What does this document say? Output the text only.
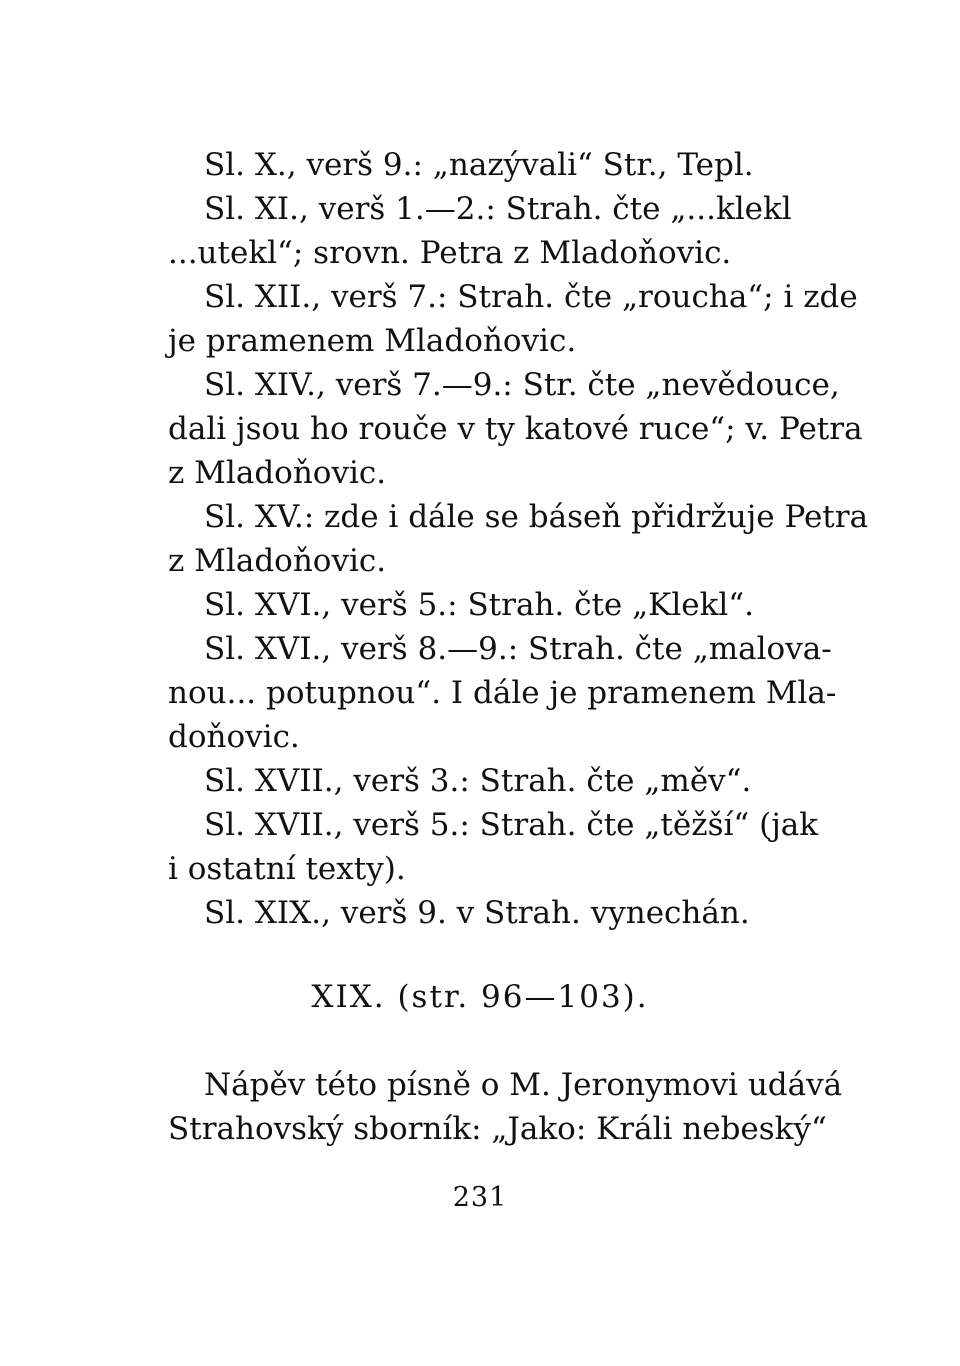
Sl. X., verš 9.: „nazývali“ Str., Tepl.
Sl. XI., verš 1.—2.: Strah. čte „...klekl
...utekl“; srovn. Petra z Mladoňovic.
Sl. XII., verš 7.: Strah. čte „roucha“; i zde
je pramenem Mladoňovic.
Sl. XIV., verš 7.—9.: Str. čte „nevědouce,
dali jsou ho rouče v ty katové ruce“; v. Petra
z Mladoňovic.
Sl. XV.: zde i dále se báseň přidržuje Petra
z Mladoňovic.
Sl. XVI., verš 5.: Strah. čte „Klekl“.
Sl. XVI., verš 8.—9.: Strah. čte „malova-
nou... potupnou“. I dále je pramenem Mla-
doňovic.
Sl. XVII., verš 3.: Strah. čte „měv“.
Sl. XVII., verš 5.: Strah. čte „těžší“ (jak
i ostatní texty).
Sl. XIX., verš 9. v Strah. vynechán.
XIX. (str. 96—103).
Nápěv této písně o M. Jeronymovi udává
Strahovský sborník: „Jako: Králi nebeský“
231
